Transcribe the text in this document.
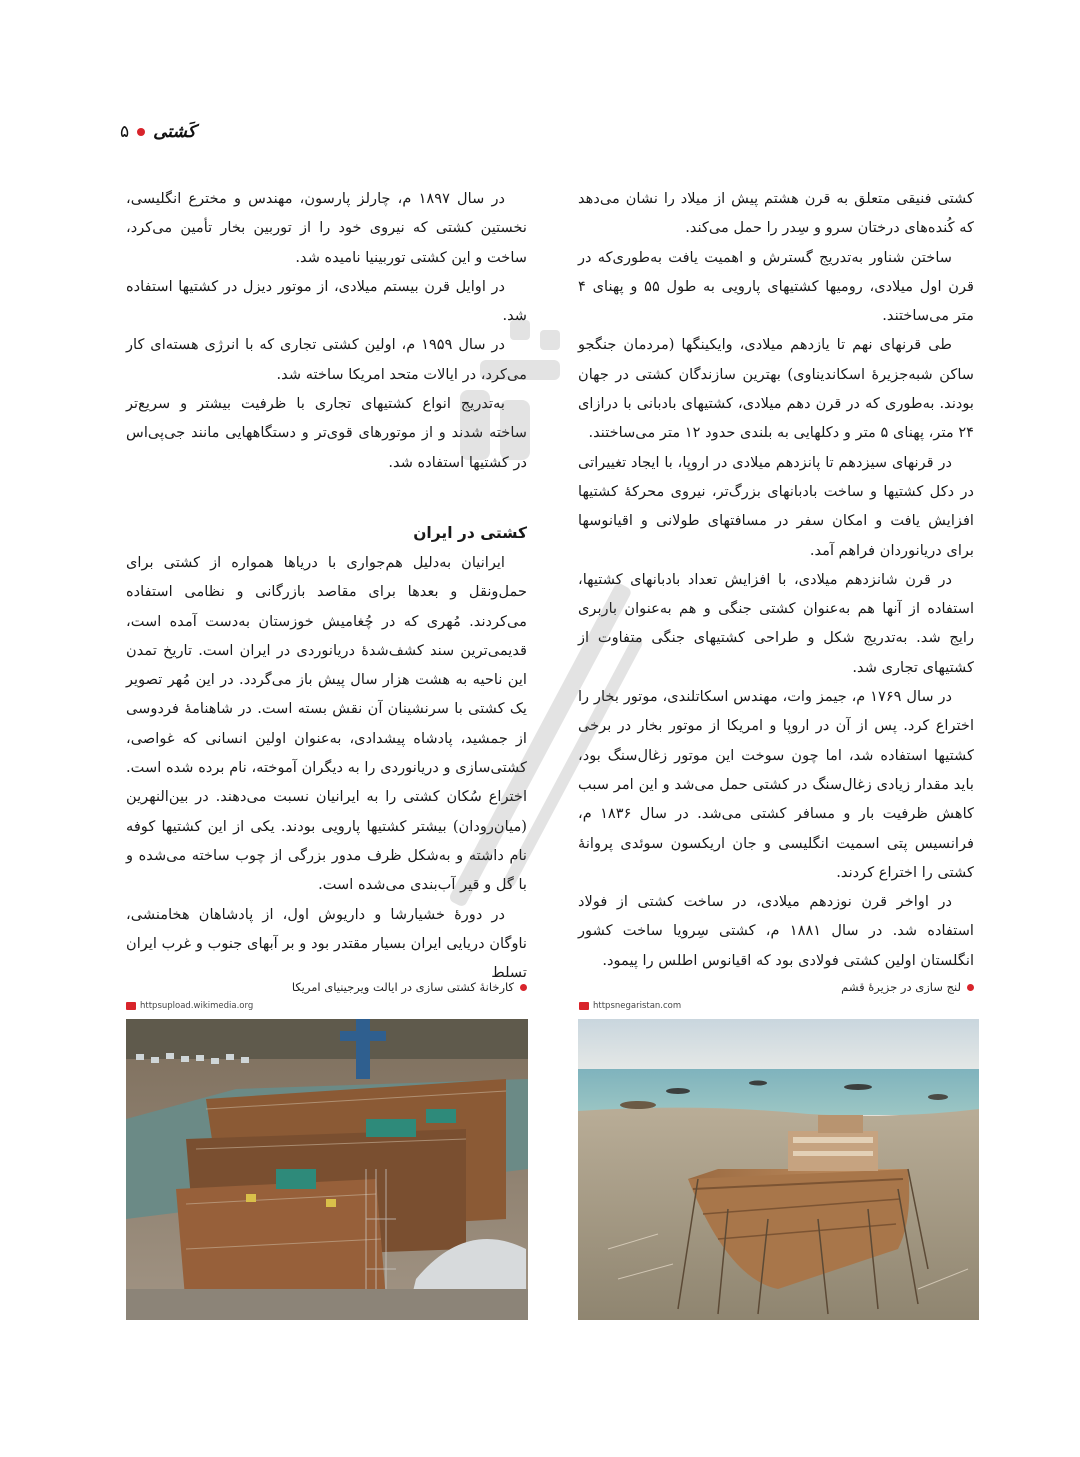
۵ کَشتی

کشتی فنیقی متعلق به قرن هشتم پیش از میلاد را نشان می‌دهد که کُنده‌های درختان سرو و سِدر را حمل می‌کند.

ساختن شناور به‌تدریج گسترش و اهمیت یافت به‌طوری‌که در قرن اول میلادی، رومیها کشتیهای پارویی به طول ۵۵ و پهنای ۴ متر می‌ساختند.

طی قرنهای نهم تا یازدهم میلادی، وایکینگها (مردمان جنگجو ساکن شبه‌جزیرهٔ اسکاندیناوی) بهترین سازندگان کشتی در جهان بودند. به‌طوری که در قرن دهم میلادی، کشتیهای بادبانی با درازای ۲۴ متر، پهنای ۵ متر و دکلهایی به بلندی حدود ۱۲ متر می‌ساختند.

در قرنهای سیزدهم تا پانزدهم میلادی در اروپا، با ایجاد تغییراتی در دکل کشتیها و ساخت بادبانهای بزرگ‌تر، نیروی محرکهٔ کشتیها افزایش یافت و امکان سفر در مسافتهای طولانی و اقیانوسها برای دریانوردان فراهم آمد.

در قرن شانزدهم میلادی، با افزایش تعداد بادبانهای کشتیها، استفاده از آنها هم به‌عنوان کشتی جنگی و هم به‌عنوان باربری رایج شد. به‌تدریج شکل و طراحی کشتیهای جنگی متفاوت از کشتیهای تجاری شد.

در سال ۱۷۶۹ م، جیمز وات، مهندس اسکاتلندی، موتور بخار را اختراع کرد. پس از آن در اروپا و امریکا از موتور بخار در برخی کشتیها استفاده شد، اما چون سوخت این موتور زغال‌سنگ بود، باید مقدار زیادی زغال‌سنگ در کشتی حمل می‌شد و این امر سبب کاهش ظرفیت بار و مسافر کشتی می‌شد. در سال ۱۸۳۶ م، فرانسیس پتی اسمیت انگلیسی و جان اریکسون سوئدی پروانهٔ کشتی را اختراع کردند.

در اواخر قرن نوزدهم میلادی، در ساخت کشتی از فولاد استفاده شد. در سال ۱۸۸۱ م، کشتی سِرویا ساخت کشور انگلستان اولین کشتی فولادی بود که اقیانوس اطلس را پیمود.

در سال ۱۸۹۷ م، چارلز پارسون، مهندس و مخترع انگلیسی، نخستین کشتی که نیروی خود را از توربین بخار تأمین می‌کرد، ساخت و این کشتی توربینیا نامیده شد.

در اوایل قرن بیستم میلادی، از موتور دیزل در کشتیها استفاده شد.

در سال ۱۹۵۹ م، اولین کشتی تجاری که با انرژی هسته‌ای کار می‌کرد، در ایالات متحد امریکا ساخته شد.

به‌تدریج انواع کشتیهای تجاری با ظرفیت بیشتر و سریع‌تر ساخته شدند و از موتورهای قوی‌تر و دستگاههایی مانند جی‌پی‌اس در کشتیها استفاده شد.

کشتی در ایران

ایرانیان به‌دلیل هم‌جواری با دریاها همواره از کشتی برای حمل‌ونقل و بعدها برای مقاصد بازرگانی و نظامی استفاده می‌کردند. مُهری که در چُغامیش خوزستان به‌دست آمده است، قدیمی‌ترین سند کشف‌شدهٔ دریانوردی در ایران است. تاریخ تمدن این ناحیه به هشت هزار سال پیش باز می‌گردد. در این مُهر تصویر یک کشتی با سرنشینان آن نقش بسته است. در شاهنامهٔ فردوسی از جمشید، پادشاه پیشدادی، به‌عنوان اولین انسانی که غواصی، کشتی‌سازی و دریانوردی را به دیگران آموخته، نام برده شده است. اختراع سُکان کشتی را به ایرانیان نسبت می‌دهند. در بین‌النهرین (میان‌رودان) بیشتر کشتیها پارویی بودند. یکی از این کشتیها کوفه نام داشته و به‌شکل ظرف مدور بزرگی از چوب ساخته می‌شده و با گل و قیر آب‌بندی می‌شده است.

در دورهٔ خشیارشا و داریوش اول، از پادشاهان هخامنشی، ناوگان دریایی ایران بسیار مقتدر بود و بر آبهای جنوب و غرب ایران تسلط

لنج سازی در جزیرهٔ قشم
کارخانهٔ کشتی سازی در ایالت ویرجینیای امریکا
httpsnegaristan.com
httpsupload.wikimedia.org
